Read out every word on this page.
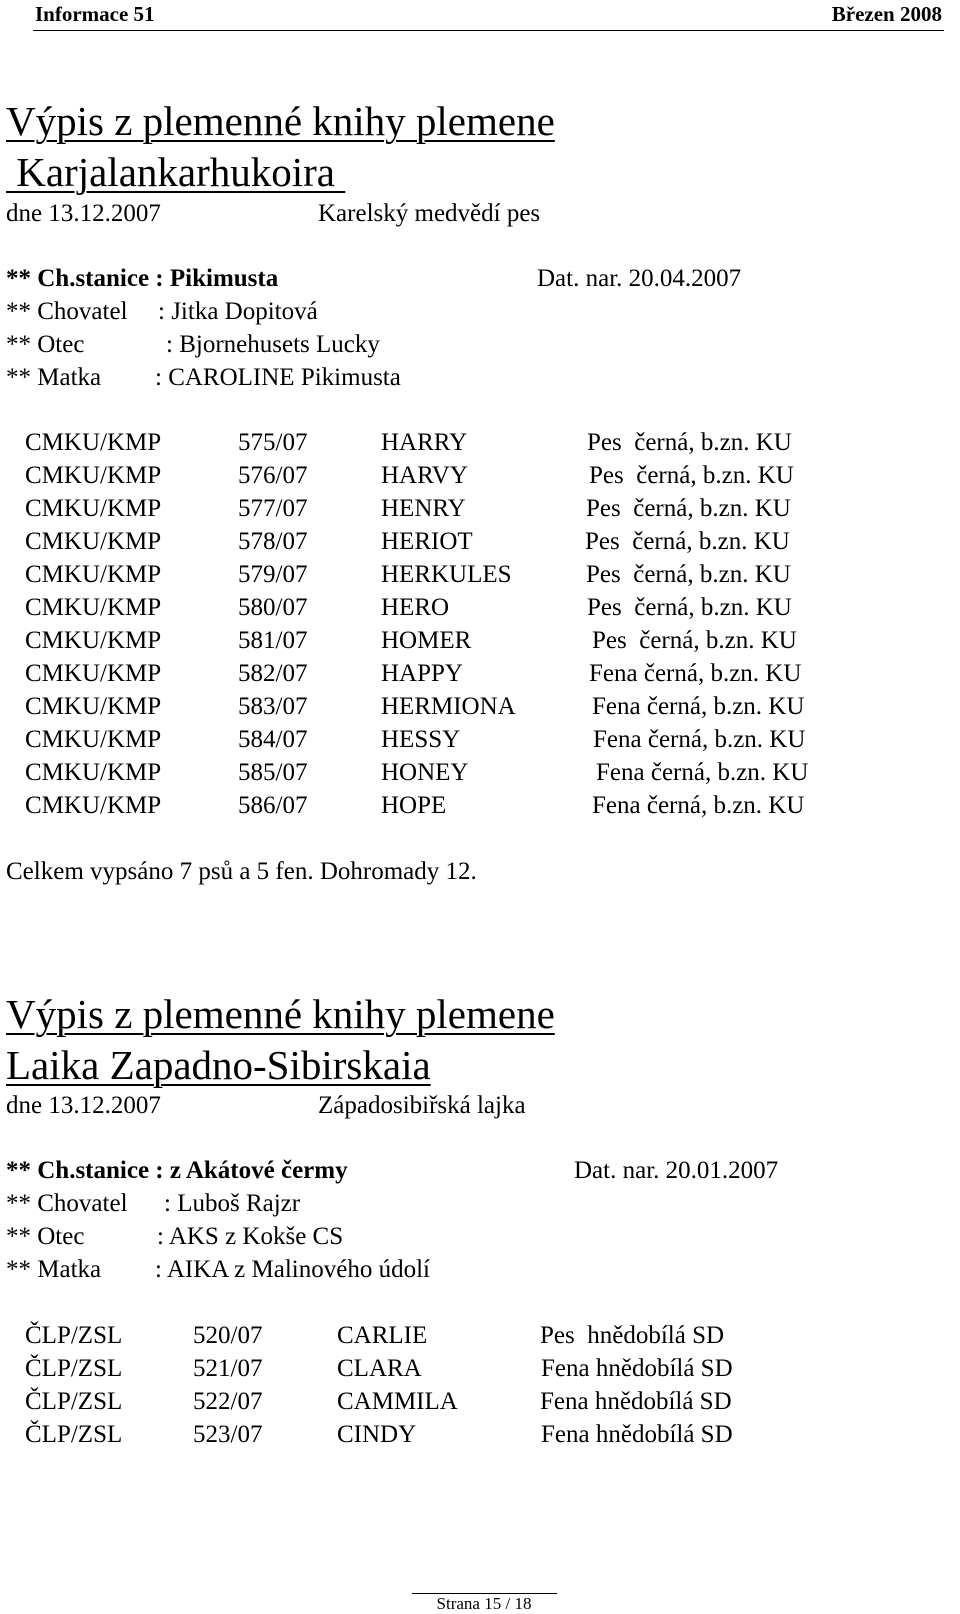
Informace 51	Březen 2008
Výpis z plemenné knihy plemene
Karjalankarhukoira
dne 13.12.2007	Karelský medvědí pes
** Ch.stanice : Pikimusta	Dat. nar. 20.04.2007
** Chovatel : Jitka Dopitová
** Otec	: Bjornehusets Lucky
** Matka : CAROLINE Pikimusta
CMKU/KMP	575/07	HARRY	Pes  černá, b.zn. KU
CMKU/KMP	576/07	HARVY	Pes  černá, b.zn. KU
CMKU/KMP	577/07	HENRY	Pes  černá, b.zn. KU
CMKU/KMP	578/07	HERIOT	Pes  černá, b.zn. KU
CMKU/KMP	579/07	HERKULES	Pes  černá, b.zn. KU
CMKU/KMP	580/07	HERO	Pes  černá, b.zn. KU
CMKU/KMP	581/07	HOMER	Pes  černá, b.zn. KU
CMKU/KMP	582/07	HAPPY	Fena černá, b.zn. KU
CMKU/KMP	583/07	HERMIONA	Fena černá, b.zn. KU
CMKU/KMP	584/07	HESSY	Fena černá, b.zn. KU
CMKU/KMP	585/07	HONEY	Fena černá, b.zn. KU
CMKU/KMP	586/07	HOPE	Fena černá, b.zn. KU
Celkem vypsáno 7 psů a 5 fen. Dohromady 12.
Výpis z plemenné knihy plemene
Laika Zapadno-Sibirskaia
dne 13.12.2007	Západosibiřská lajka
** Ch.stanice : z Akátové čermy	Dat. nar. 20.01.2007
** Chovatel : Luboš Rajzr
** Otec	: AKS z Kokše CS
** Matka : AIKA z Malinového údolí
ČLP/ZSL	520/07	CARLIE	Pes  hnědobílá SD
ČLP/ZSL	521/07	CLARA	Fena hnědobílá SD
ČLP/ZSL	522/07	CAMMILA	Fena hnědobílá SD
ČLP/ZSL	523/07	CINDY	Fena hnědobílá SD
Strana 15 / 18
